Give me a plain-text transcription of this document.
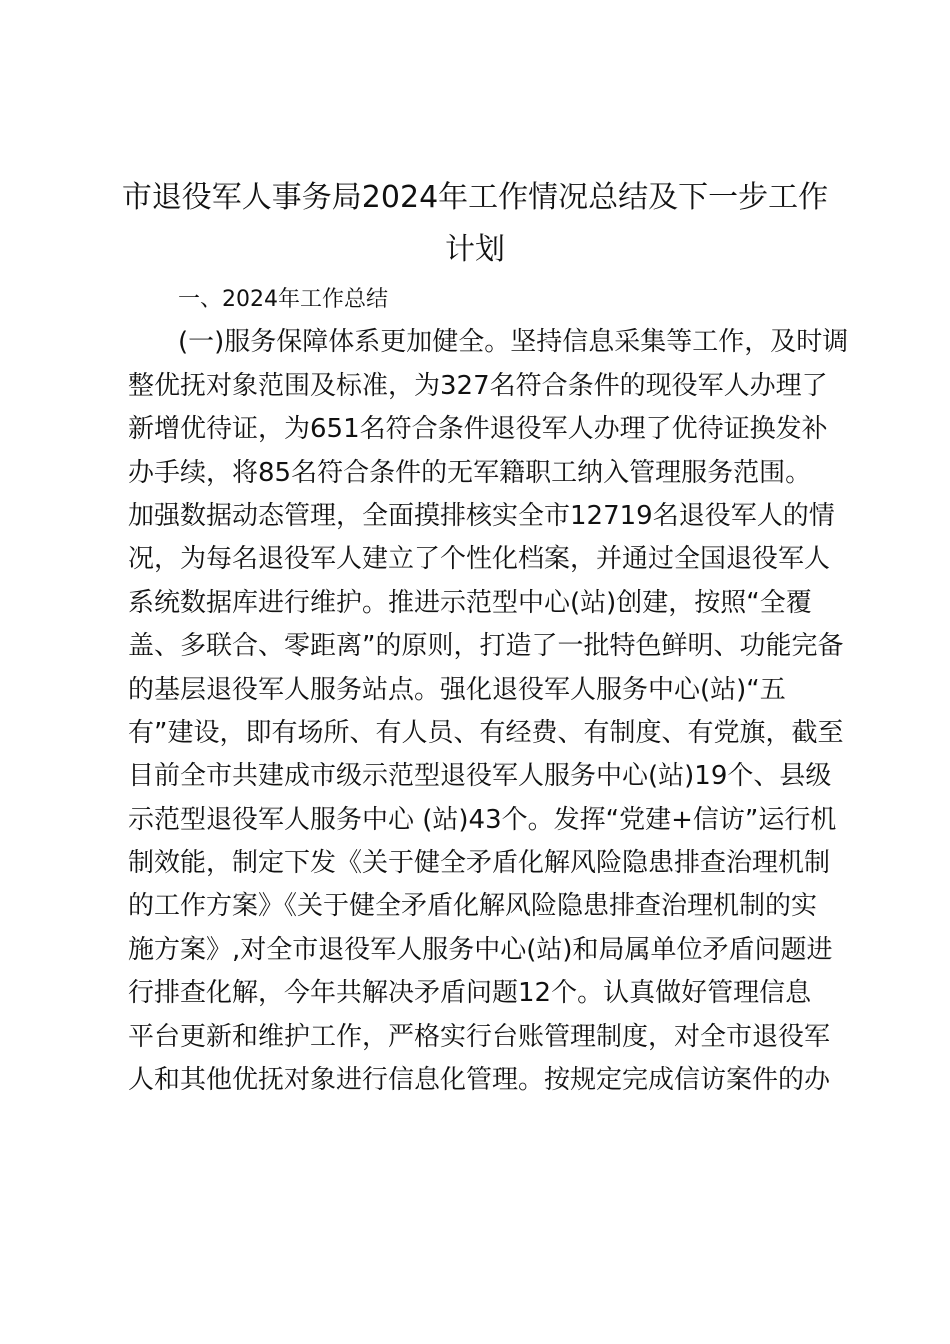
市退役军人事务局2024年工作情况总结及下一步工作
计划
一、2024年工作总结
(一)服务保障体系更加健全。坚持信息采集等工作，及时调
整优抚对象范围及标准，为327名符合条件的现役军人办理了
新增优待证，为651名符合条件退役军人办理了优待证换发补
办手续，将85名符合条件的无军籍职工纳入管理服务范围。
加强数据动态管理，全面摸排核实全市12719名退役军人的情
况，为每名退役军人建立了个性化档案，并通过全国退役军人
系统数据库进行维护。推进示范型中心(站)创建，按照“全覆
盖、多联合、零距离”的原则，打造了一批特色鲜明、功能完备
的基层退役军人服务站点。强化退役军人服务中心(站)“五
有”建设，即有场所、有人员、有经费、有制度、有党旗，截至
目前全市共建成市级示范型退役军人服务中心(站)19个、县级
示范型退役军人服务中心 (站)43个。发挥“党建+信访”运行机
制效能，制定下发《关于健全矛盾化解风险隐患排查治理机制
的工作方案》《关于健全矛盾化解风险隐患排查治理机制的实
施方案》,对全市退役军人服务中心(站)和局属单位矛盾问题进
行排查化解，今年共解决矛盾问题12个。认真做好管理信息
平台更新和维护工作，严格实行台账管理制度，对全市退役军
人和其他优抚对象进行信息化管理。按规定完成信访案件的办
